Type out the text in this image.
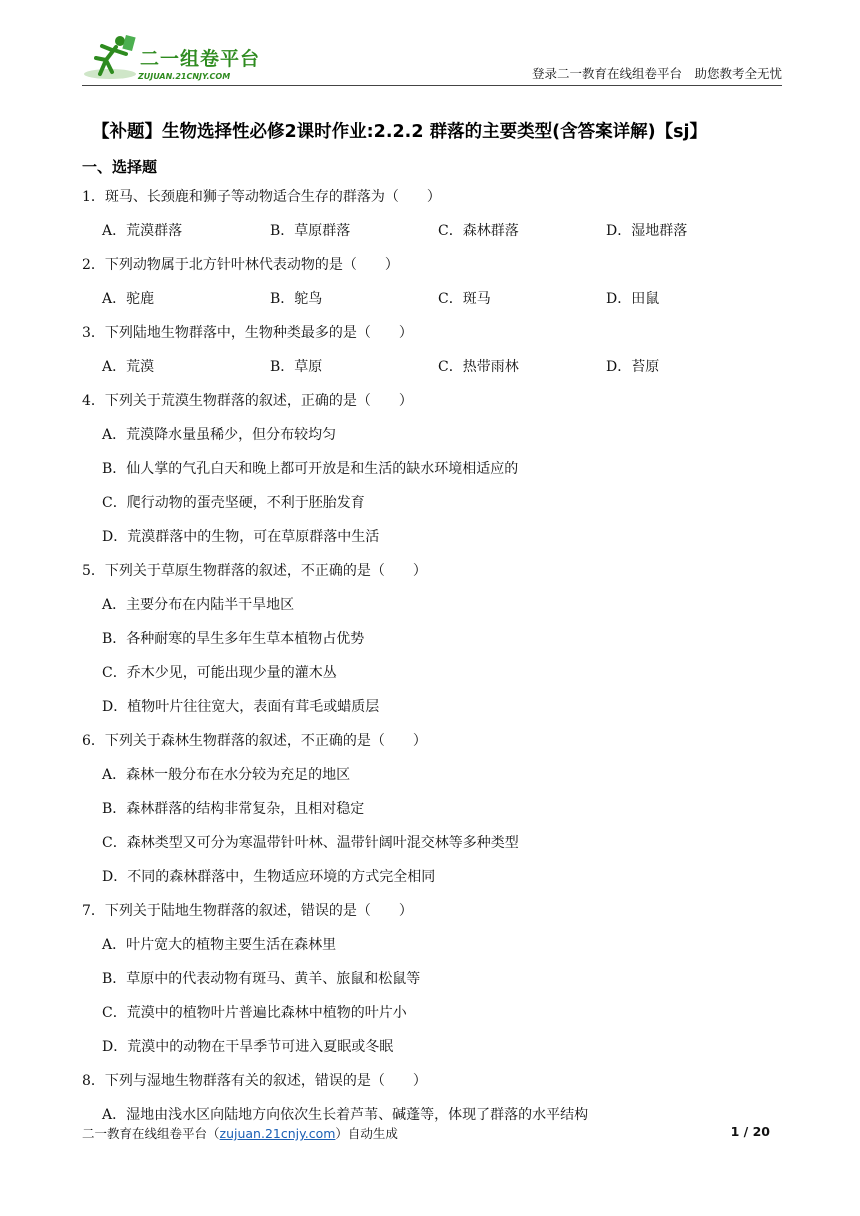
二一组卷平台
ZUJUAN.21CNJY.COM	登录二一教育在线组卷平台　助您教考全无忧
【补题】生物选择性必修2课时作业:2.2.2 群落的主要类型(含答案详解)【sj】
一、选择题
1．斑马、长颈鹿和狮子等动物适合生存的群落为（　　）
A．荒漠群落	B．草原群落	C．森林群落	D．湿地群落
2．下列动物属于北方针叶林代表动物的是（　　）
A．驼鹿	B．鸵鸟	C．斑马	D．田鼠
3．下列陆地生物群落中，生物种类最多的是（　　）
A．荒漠	B．草原	C．热带雨林	D．苔原
4．下列关于荒漠生物群落的叙述，正确的是（　　）
A．荒漠降水量虽稀少，但分布较均匀
B．仙人掌的气孔白天和晚上都可开放是和生活的缺水环境相适应的
C．爬行动物的蛋壳坚硬，不利于胚胎发育
D．荒漠群落中的生物，可在草原群落中生活
5．下列关于草原生物群落的叙述，不正确的是（　　）
A．主要分布在内陆半干旱地区
B．各种耐寒的旱生多年生草本植物占优势
C．乔木少见，可能出现少量的灌木丛
D．植物叶片往往宽大，表面有茸毛或蜡质层
6．下列关于森林生物群落的叙述，不正确的是（　　）
A．森林一般分布在水分较为充足的地区
B．森林群落的结构非常复杂，且相对稳定
C．森林类型又可分为寒温带针叶林、温带针阔叶混交林等多种类型
D．不同的森林群落中，生物适应环境的方式完全相同
7．下列关于陆地生物群落的叙述，错误的是（　　）
A．叶片宽大的植物主要生活在森林里
B．草原中的代表动物有斑马、黄羊、旅鼠和松鼠等
C．荒漠中的植物叶片普遍比森林中植物的叶片小
D．荒漠中的动物在干旱季节可进入夏眠或冬眠
8．下列与湿地生物群落有关的叙述，错误的是（　　）
A．湿地由浅水区向陆地方向依次生长着芦苇、碱蓬等，体现了群落的水平结构
二一教育在线组卷平台（zujuan.21cnjy.com）自动生成	1 / 20
